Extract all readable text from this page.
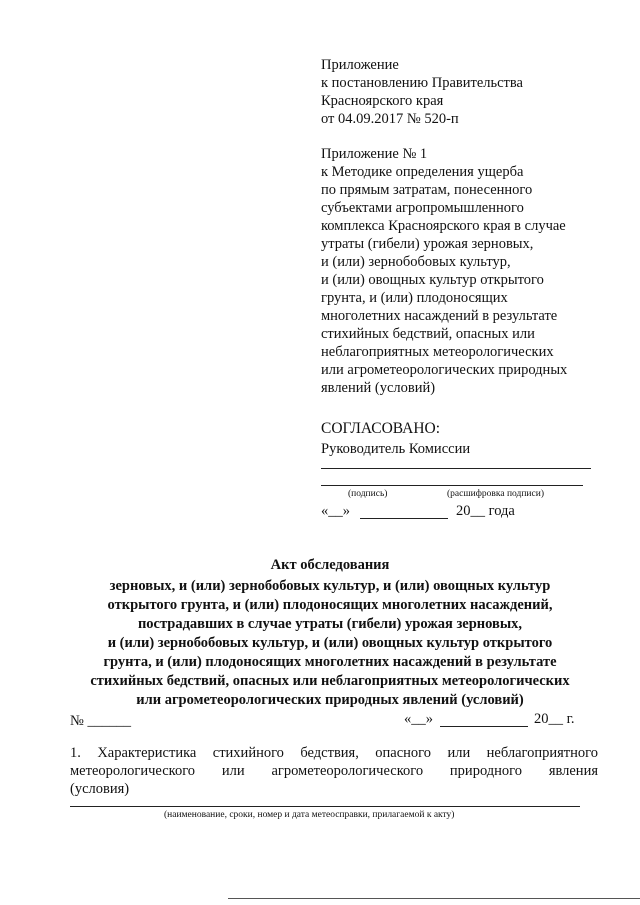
Приложение
к постановлению Правительства
Красноярского края
от 04.09.2017 № 520-п
Приложение № 1
к Методике определения ущерба
по прямым затратам, понесенного
субъектами агропромышленного
комплекса Красноярского края в случае
утраты (гибели) урожая зерновых,
и (или) зернобобовых культур,
и (или) овощных культур открытого
грунта, и (или) плодоносящих
многолетних насаждений в результате
стихийных бедствий, опасных или
неблагоприятных метеорологических
или агрометеорологических природных
явлений (условий)
СОГЛАСОВАНО:
Руководитель Комиссии
(подпись)	(расшифровка подписи)
«__»	20__ года
Акт обследования
зерновых, и (или) зернобобовых культур, и (или) овощных культур
открытого грунта, и (или) плодоносящих многолетних насаждений,
пострадавших в случае утраты (гибели) урожая зерновых,
и (или) зернобобовых культур, и (или) овощных культур открытого
грунта, и (или) плодоносящих многолетних насаждений в результате
стихийных бедствий, опасных или неблагоприятных метеорологических
или агрометеорологических природных явлений (условий)
№ ______	«__»	20__ г.
1. Характеристика стихийного бедствия, опасного или неблагоприятного
метеорологического или агрометеорологического природного явления
(условия)
(наименование, сроки, номер и дата метеосправки, прилагаемой к акту)
